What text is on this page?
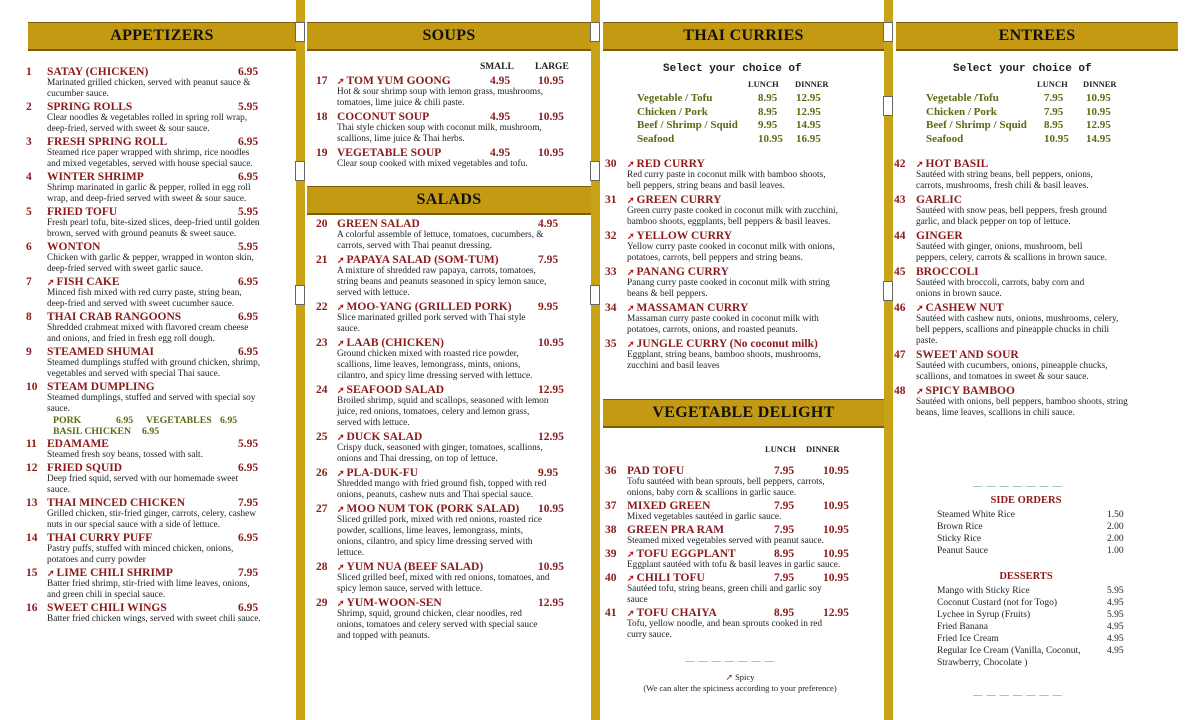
APPETIZERS	SOUPS	THAI CURRIES	ENTREES
SALADS
VEGETABLE DELIGHT
1 SATAY (CHICKEN)	6.95
Marinated grilled chicken, served with peanut sauce &
cucumber sauce.
2 SPRING ROLLS	5.95
Clear noodles & vegetables rolled in spring roll wrap,
deep-fried, served with sweet & sour sauce.
3 FRESH SPRING ROLL	6.95
Steamed rice paper wrapped with shrimp, rice noodles
and mixed vegetables, served with house special sauce.
4 WINTER SHRIMP	6.95
Shrimp marinated in garlic & pepper, rolled in egg roll
wrap, and deep-fried served with sweet & sour sauce.
5 FRIED TOFU	5.95
Fresh pearl tofu, bite-sized slices, deep-fried until golden
brown, served with ground peanuts & sweet sauce.
6 WONTON	5.95
Chicken with garlic & pepper, wrapped in wonton skin,
deep-fried served with sweet garlic sauce.
7 ➚ FISH CAKE	6.95
Minced fish mixed with red curry paste, string bean,
deep-fried and served with sweet cucumber sauce.
8 THAI CRAB RANGOONS	6.95
Shredded crabmeat mixed with flavored cream cheese
and onions, and fried in fresh egg roll dough.
9 STEAMED SHUMAI	6.95
Steamed dumplings stuffed with ground chicken, shrimp,
vegetables and served with special Thai sauce.
10 STEAM DUMPLING
Steamed dumplings, stuffed and served with special soy
sauce.
PORK	6.95 VEGETABLES 6.95
BASIL CHICKEN 6.95
11 EDAMAME	5.95
Steamed fresh soy beans, tossed with salt.
12 FRIED SQUID	6.95
Deep fried squid, served with our homemade sweet
sauce.
13 THAI MINCED CHICKEN	7.95
Grilled chicken, stir-fried ginger, carrots, celery, cashew
nuts in our special sauce with a side of lettuce.
14 THAI CURRY PUFF	6.95
Pastry puffs, stuffed with minced chicken, onions,
potatoes and curry powder
15 ➚ LIME CHILI SHRIMP	7.95
Batter fried shrimp, stir-fried with lime leaves, onions,
and green chili in special sauce.
16 SWEET CHILI WINGS	6.95
Batter fried chicken wings, served with sweet chili sauce.
SMALL LARGE
17 ➚ TOM YUM GOONG	4.95 10.95
Hot & sour shrimp soup with lemon grass, mushrooms,
tomatoes, lime juice & chili paste.
18 COCONUT SOUP	4.95 10.95
Thai style chicken soup with coconut milk, mushroom,
scallions, lime juice & Thai herbs.
19 VEGETABLE SOUP	4.95 10.95
Clear soup cooked with mixed vegetables and tofu.
20 GREEN SALAD	4.95
A colorful assemble of lettuce, tomatoes, cucumbers, &
carrots, served with Thai peanut dressing.
21 ➚ PAPAYA SALAD (SOM-TUM)	7.95
A mixture of shredded raw papaya, carrots, tomatoes,
string beans and peanuts seasoned in spicy lemon sauce,
served with lettuce.
22 ➚ MOO-YANG (GRILLED PORK) 9.95
Slice marinated grilled pork served with Thai style
sauce.
23 ➚ LAAB (CHICKEN)	10.95
Ground chicken mixed with roasted rice powder,
scallions, lime leaves, lemongrass, mints, onions,
cilantro, and spicy lime dressing served with lettuce.
24 ➚ SEAFOOD SALAD	12.95
Broiled shrimp, squid and scallops, seasoned with lemon
juice, red onions, tomatoes, celery and lemon grass,
served with lettuce.
25 ➚ DUCK SALAD	12.95
Crispy duck, seasoned with ginger, tomatoes, scallions,
onions and Thai dressing, on top of lettuce.
26 ➚ PLA-DUK-FU	9.95
Shredded mango with fried ground fish, topped with red
onions, peanuts, cashew nuts and Thai special sauce.
27 ➚ MOO NUM TOK (PORK SALAD) 10.95
Sliced grilled pork, mixed with red onions, roasted rice
powder, scallions, lime leaves, lemongrass, mints,
onions, cilantro, and spicy lime dressing served with
lettuce.
28 ➚ YUM NUA (BEEF SALAD)	10.95
Sliced grilled beef, mixed with red onions, tomatoes, and
spicy lemon sauce, served with lettuce.
29 ➚ YUM-WOON-SEN	12.95
Shrimp, squid, ground chicken, clear noodles, red
onions, tomatoes and celery served with special sauce
and topped with peanuts.
Select your choice of
LUNCH DINNER
Vegetable / Tofu	8.95 12.95
Chicken / Pork	8.95 12.95
Beef / Shrimp / Squid 9.95 14.95
Seafood	10.95 16.95
30 ➚ RED CURRY
Red curry paste in coconut milk with bamboo shoots,
bell peppers, string beans and basil leaves.
31 ➚ GREEN CURRY
Green curry paste cooked in coconut milk with zucchini,
bamboo shoots, eggplants, bell peppers & basil leaves.
32 ➚ YELLOW CURRY
Yellow curry paste cooked in coconut milk with onions,
potatoes, carrots, bell peppers and string beans.
33 ➚ PANANG CURRY
Panang curry paste cooked in coconut milk with string
beans & bell peppers.
34 ➚ MASSAMAN CURRY
Massaman curry paste cooked in coconut milk with
potatoes, carrots, onions, and roasted peanuts.
35 ➚ JUNGLE CURRY (No coconut milk)
Eggplant, string beans, bamboo shoots, mushrooms,
zucchini and basil leaves
LUNCH DINNER
36 PAD TOFU	7.95	10.95
Tofu sautéed with bean sprouts, bell peppers, carrots,
onions, baby corn & scallions in garlic sauce.
37 MIXED GREEN	7.95	10.95
Mixed vegetables sautéed in garlic sauce.
38 GREEN PRA RAM	7.95	10.95
Steamed mixed vegetables served with peanut sauce.
39 ➚ TOFU EGGPLANT	8.95	10.95
Eggplant sautéed with tofu & basil leaves in garlic sauce.
40 ➚ CHILI TOFU	7.95	10.95
Sautéed tofu, string beans, green chili and garlic soy
sauce
41 ➚ TOFU CHAIYA	8.95	12.95
Tofu, yellow noodle, and bean sprouts cooked in red
curry sauce.
— — — — — — —
➚ Spicy
(We can alter the spiciness according to your preference)
Select your choice of
LUNCH DINNER
Vegetable /Tofu	7.95 10.95
Chicken / Pork	7.95 10.95
Beef / Shrimp / Squid 8.95 12.95
Seafood	10.95 14.95
42 ➚ HOT BASIL
Sautéed with string beans, bell peppers, onions,
carrots, mushrooms, fresh chili & basil leaves.
43 GARLIC
Sautéed with snow peas, bell peppers, fresh ground
garlic, and black pepper on top of lettuce.
44 GINGER
Sautéed with ginger, onions, mushroom, bell
peppers, celery, carrots & scallions in brown sauce.
45 BROCCOLI
Sautéed with broccoli, carrots, baby corn and
onions in brown sauce.
46 ➚ CASHEW NUT
Sautéed with cashew nuts, onions, mushrooms, celery,
bell peppers, scallions and pineapple chucks in chili
paste.
47 SWEET AND SOUR
Sautéed with cucumbers, onions, pineapple chucks,
scallions, and tomatoes in sweet & sour sauce.
48 ➚ SPICY BAMBOO
Sautéed with onions, bell peppers, bamboo shoots, string
beans, lime leaves, scallions in chili sauce.
— — — — — — —
SIDE ORDERS
Steamed White Rice	1.50
Brown Rice	2.00
Sticky Rice	2.00
Peanut Sauce	1.00
DESSERTS
Mango with Sticky Rice	5.95
Coconut Custard (not for Togo)	4.95
Lychee in Syrup (Fruits)	5.95
Fried Banana	4.95
Fried Ice Cream	4.95
Regular Ice Cream (Vanilla, Coconut,	4.95
Strawberry, Chocolate )
— — — — — — —
